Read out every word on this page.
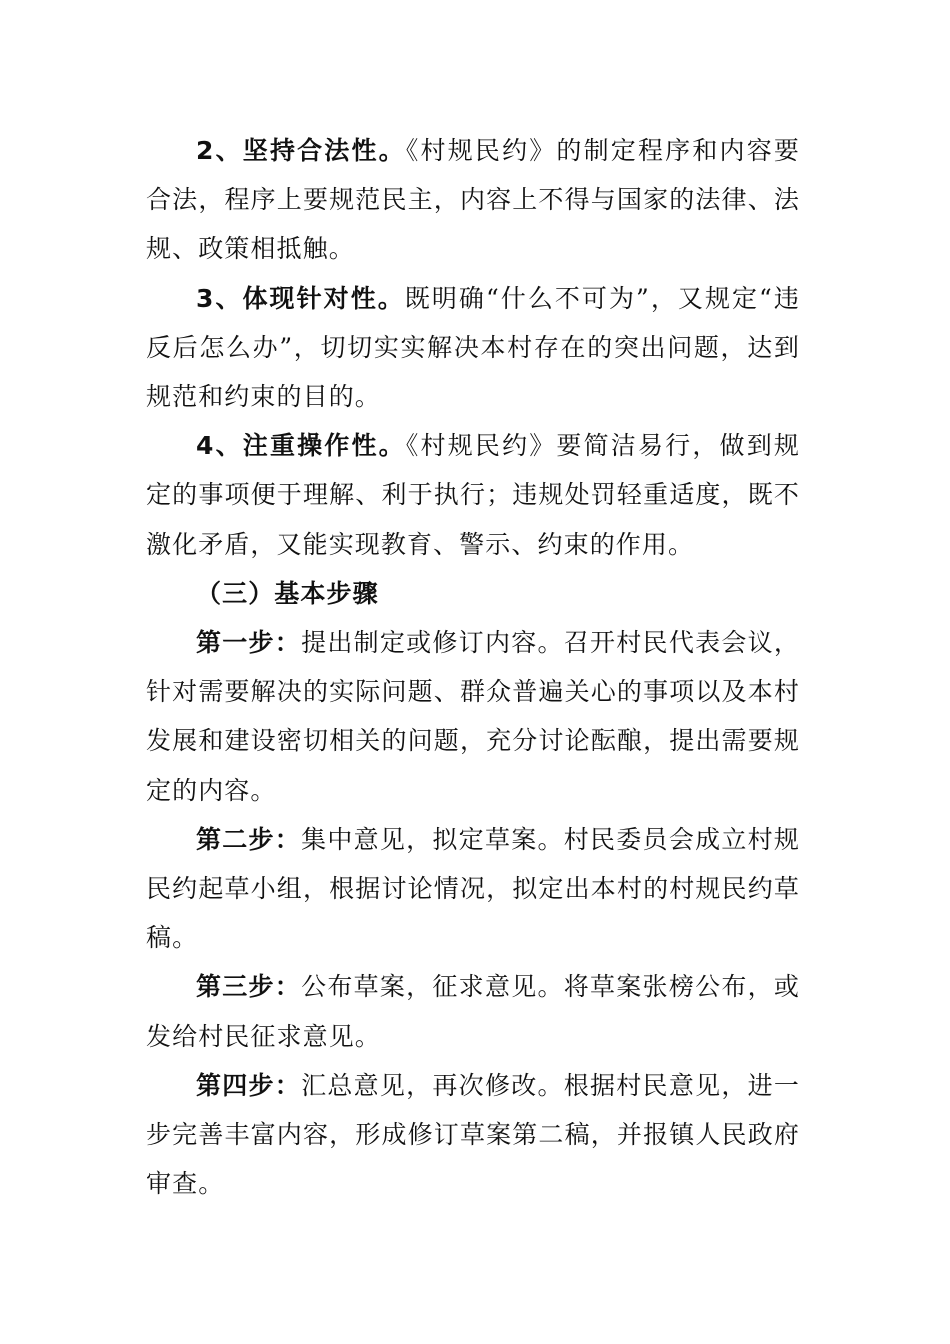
2、坚持合法性。《村规民约》的制定程序和内容要合法，程序上要规范民主，内容上不得与国家的法律、法规、政策相抵触。

3、体现针对性。既明确“什么不可为”，又规定“违反后怎么办”，切切实实解决本村存在的突出问题，达到规范和约束的目的。

4、注重操作性。《村规民约》要简洁易行，做到规定的事项便于理解、利于执行；违规处罚轻重适度，既不激化矛盾，又能实现教育、警示、约束的作用。

（三）基本步骤

第一步：提出制定或修订内容。召开村民代表会议，针对需要解决的实际问题、群众普遍关心的事项以及本村发展和建设密切相关的问题，充分讨论酝酿，提出需要规定的内容。

第二步：集中意见，拟定草案。村民委员会成立村规民约起草小组，根据讨论情况，拟定出本村的村规民约草稿。

第三步：公布草案，征求意见。将草案张榜公布，或发给村民征求意见。

第四步：汇总意见，再次修改。根据村民意见，进一步完善丰富内容，形成修订草案第二稿，并报镇人民政府审查。
